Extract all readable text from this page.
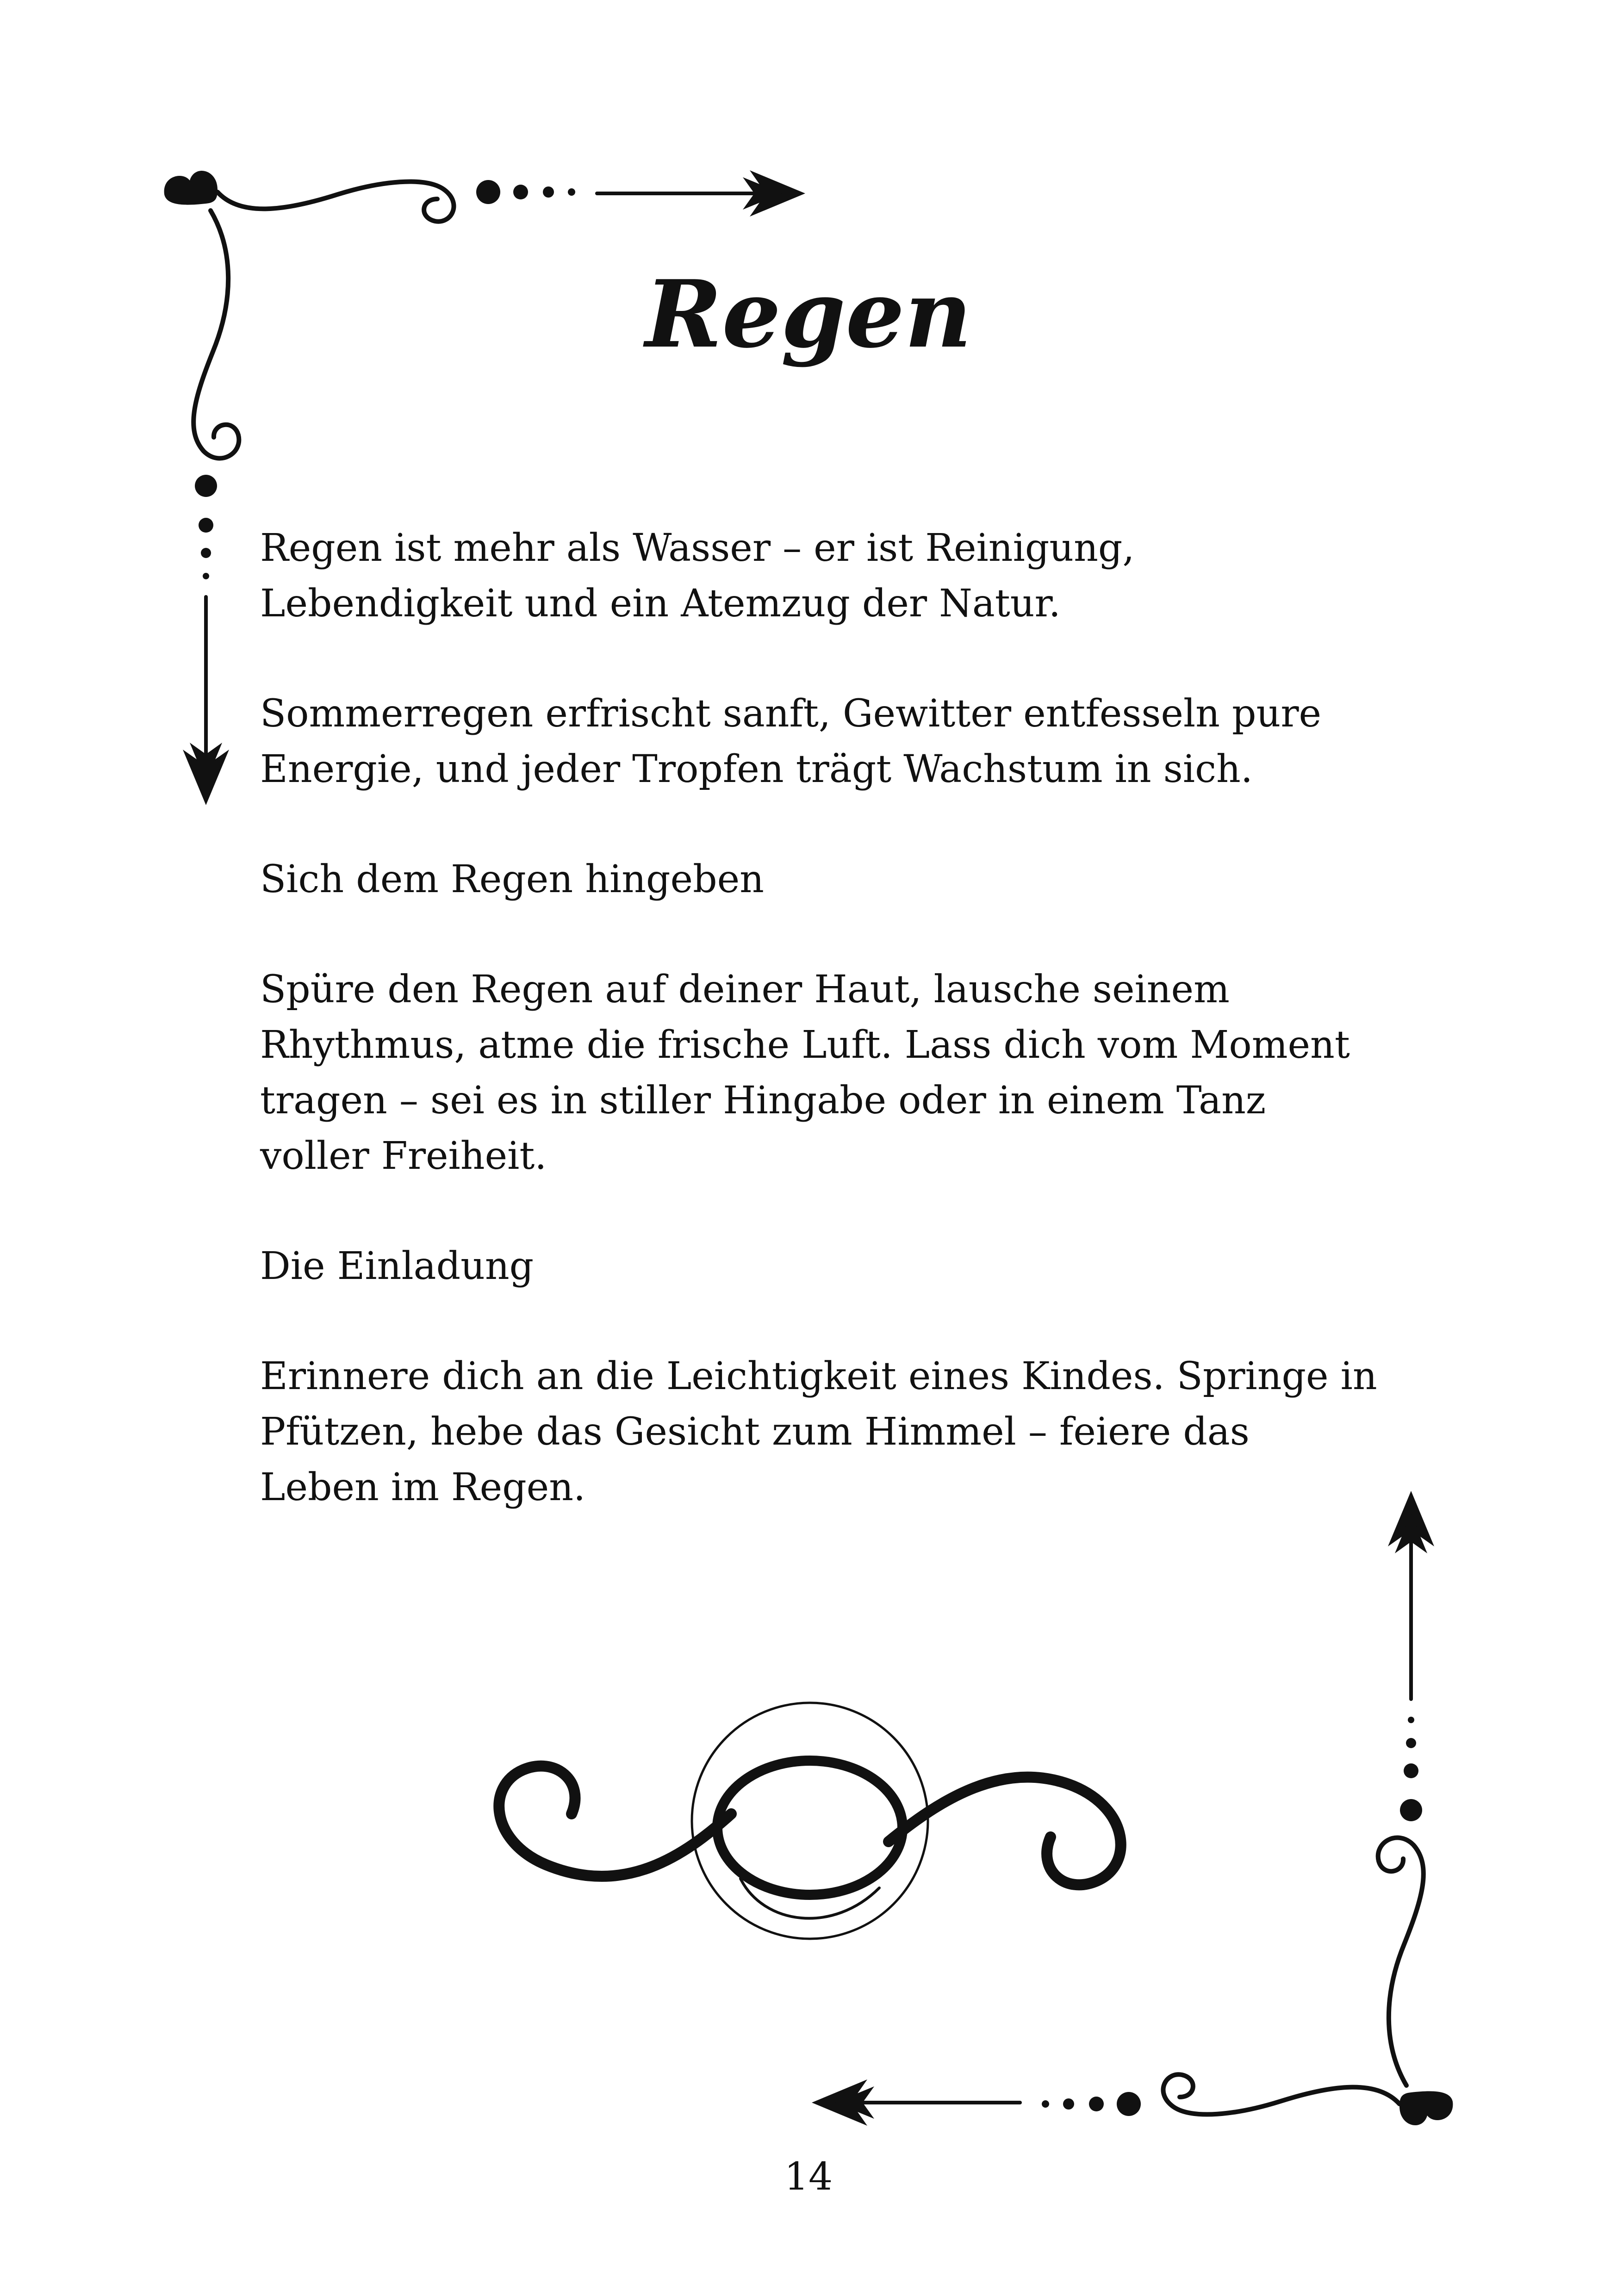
Regen

Regen ist mehr als Wasser – er ist Reinigung, Lebendigkeit und ein Atemzug der Natur.

Sommerregen erfrischt sanft, Gewitter entfesseln pure Energie, und jeder Tropfen trägt Wachstum in sich.

Sich dem Regen hingeben

Spüre den Regen auf deiner Haut, lausche seinem Rhythmus, atme die frische Luft. Lass dich vom Moment tragen – sei es in stiller Hingabe oder in einem Tanz voller Freiheit.

Die Einladung

Erinnere dich an die Leichtigkeit eines Kindes. Springe in Pfützen, hebe das Gesicht zum Himmel – feiere das Leben im Regen.

14
